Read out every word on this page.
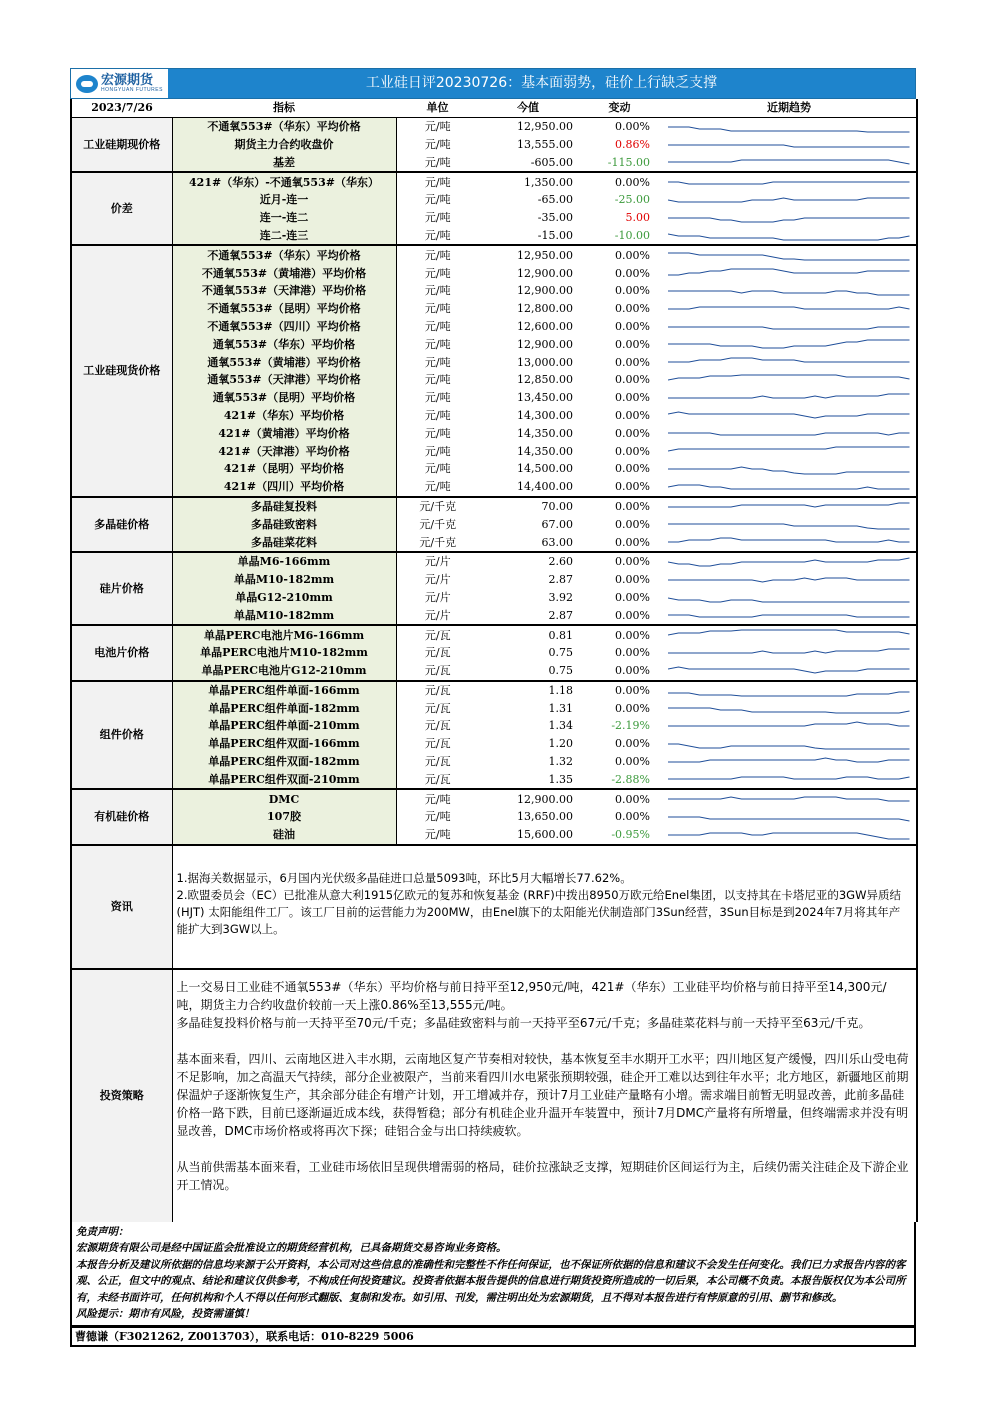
宏源期货
HONGYUAN FUTURES	工业硅日评20230726：基本面弱势，硅价上行缺乏支撑
2023/7/26	指标	单位	今值	变动	近期趋势
工业硅期现价格	不通氧553#（华东）平均价格	元/吨	12,950.00	0.00%	

	期货主力合约收盘价	元/吨	13,555.00	0.86%	

	基差	元/吨	-605.00	-115.00	

价差	421#（华东）-不通氧553#（华东）	元/吨	1,350.00	0.00%	

	近月-连一	元/吨	-65.00	-25.00	

	连一-连二	元/吨	-35.00	5.00	

	连二-连三	元/吨	-15.00	-10.00	

工业硅现货价格	不通氧553#（华东）平均价格	元/吨	12,950.00	0.00%	

	不通氧553#（黄埔港）平均价格	元/吨	12,900.00	0.00%	

	不通氧553#（天津港）平均价格	元/吨	12,900.00	0.00%	

	不通氧553#（昆明）平均价格	元/吨	12,800.00	0.00%	

	不通氧553#（四川）平均价格	元/吨	12,600.00	0.00%	

	通氧553#（华东）平均价格	元/吨	12,900.00	0.00%	

	通氧553#（黄埔港）平均价格	元/吨	13,000.00	0.00%	

	通氧553#（天津港）平均价格	元/吨	12,850.00	0.00%	

	通氧553#（昆明）平均价格	元/吨	13,450.00	0.00%	

	421#（华东）平均价格	元/吨	14,300.00	0.00%	

	421#（黄埔港）平均价格	元/吨	14,350.00	0.00%	

	421#（天津港）平均价格	元/吨	14,350.00	0.00%	

	421#（昆明）平均价格	元/吨	14,500.00	0.00%	

	421#（四川）平均价格	元/吨	14,400.00	0.00%	

多晶硅价格	多晶硅复投料	元/千克	70.00	0.00%	

	多晶硅致密料	元/千克	67.00	0.00%	

	多晶硅菜花料	元/千克	63.00	0.00%	

硅片价格	单晶M6-166mm	元/片	2.60	0.00%	

	单晶M10-182mm	元/片	2.87	0.00%	

	单晶G12-210mm	元/片	3.92	0.00%	

	单晶M10-182mm	元/片	2.87	0.00%	

电池片价格	单晶PERC电池片M6-166mm	元/瓦	0.81	0.00%	

	单晶PERC电池片M10-182mm	元/瓦	0.75	0.00%	

	单晶PERC电池片G12-210mm	元/瓦	0.75	0.00%	

组件价格	单晶PERC组件单面-166mm	元/瓦	1.18	0.00%	

	单晶PERC组件单面-182mm	元/瓦	1.31	0.00%	

	单晶PERC组件单面-210mm	元/瓦	1.34	-2.19%	

	单晶PERC组件双面-166mm	元/瓦	1.20	0.00%	

	单晶PERC组件双面-182mm	元/瓦	1.32	0.00%	

	单晶PERC组件双面-210mm	元/瓦	1.35	-2.88%	

有机硅价格	DMC	元/吨	12,900.00	0.00%	

	107胶	元/吨	13,650.00	0.00%	

	硅油	元/吨	15,600.00	-0.95%	
资讯	1.据海关数据显示，6月国内光伏级多晶硅进口总量5093吨，环比5月大幅增长77.62%。

2.欧盟委员会（EC）已批准从意大利1915亿欧元的复苏和恢复基金 (RRF)中拨出8950万欧元给Enel集团，以支持其在卡塔尼亚的3GW异质结 (HJT) 太阳能组件工厂。该工厂目前的运营能力为200MW，由Enel旗下的太阳能光伏制造部门3Sun经营，3Sun目标是到2024年7月将其年产能扩大到3GW以上。

投资策略	上一交易日工业硅不通氧553#（华东）平均价格与前日持平至12,950元/吨，421#（华东）工业硅平均价格与前日持平至14,300元/吨，期货主力合约收盘价较前一天上涨0.86%至13,555元/吨。

多晶硅复投料价格与前一天持平至70元/千克；多晶硅致密料与前一天持平至67元/千克；多晶硅菜花料与前一天持平至63元/千克。

基本面来看，四川、云南地区进入丰水期，云南地区复产节奏相对较快，基本恢复至丰水期开工水平；四川地区复产缓慢，四川乐山受电荷不足影响，加之高温天气持续，部分企业被限产，当前来看四川水电紧张预期较强，硅企开工难以达到往年水平；北方地区，新疆地区前期保温炉子逐渐恢复生产，其余部分硅企有增产计划，开工增减并存，预计7月工业硅产量略有小增。需求端目前暂无明显改善，此前多晶硅价格一路下跌，目前已逐渐逼近成本线，获得暂稳；部分有机硅企业升温开车装置中，预计7月DMC产量将有所增量，但终端需求并没有明显改善，DMC市场价格或将再次下探；硅铝合金与出口持续疲软。

从当前供需基本面来看，工业硅市场依旧呈现供增需弱的格局，硅价拉涨缺乏支撑，短期硅价区间运行为主，后续仍需关注硅企及下游企业开工情况。

免责声明：

宏源期货有限公司是经中国证监会批准设立的期货经营机构，已具备期货交易咨询业务资格。

本报告分析及建议所依据的信息均来源于公开资料，本公司对这些信息的准确性和完整性不作任何保证，也不保证所依据的信息和建议不会发生任何变化。我们已力求报告内容的客观、公正，但文中的观点、结论和建议仅供参考，不构成任何投资建议。投资者依据本报告提供的信息进行期货投资所造成的一切后果，本公司概不负责。本报告版权仅为本公司所有，未经书面许可，任何机构和个人不得以任何形式翻版、复制和发布。如引用、刊发，需注明出处为宏源期货，且不得对本报告进行有悖原意的引用、删节和修改。

风险提示：期市有风险，投资需谨慎！

曹德谦（F3021262, Z0013703），联系电话：010-8229 5006
